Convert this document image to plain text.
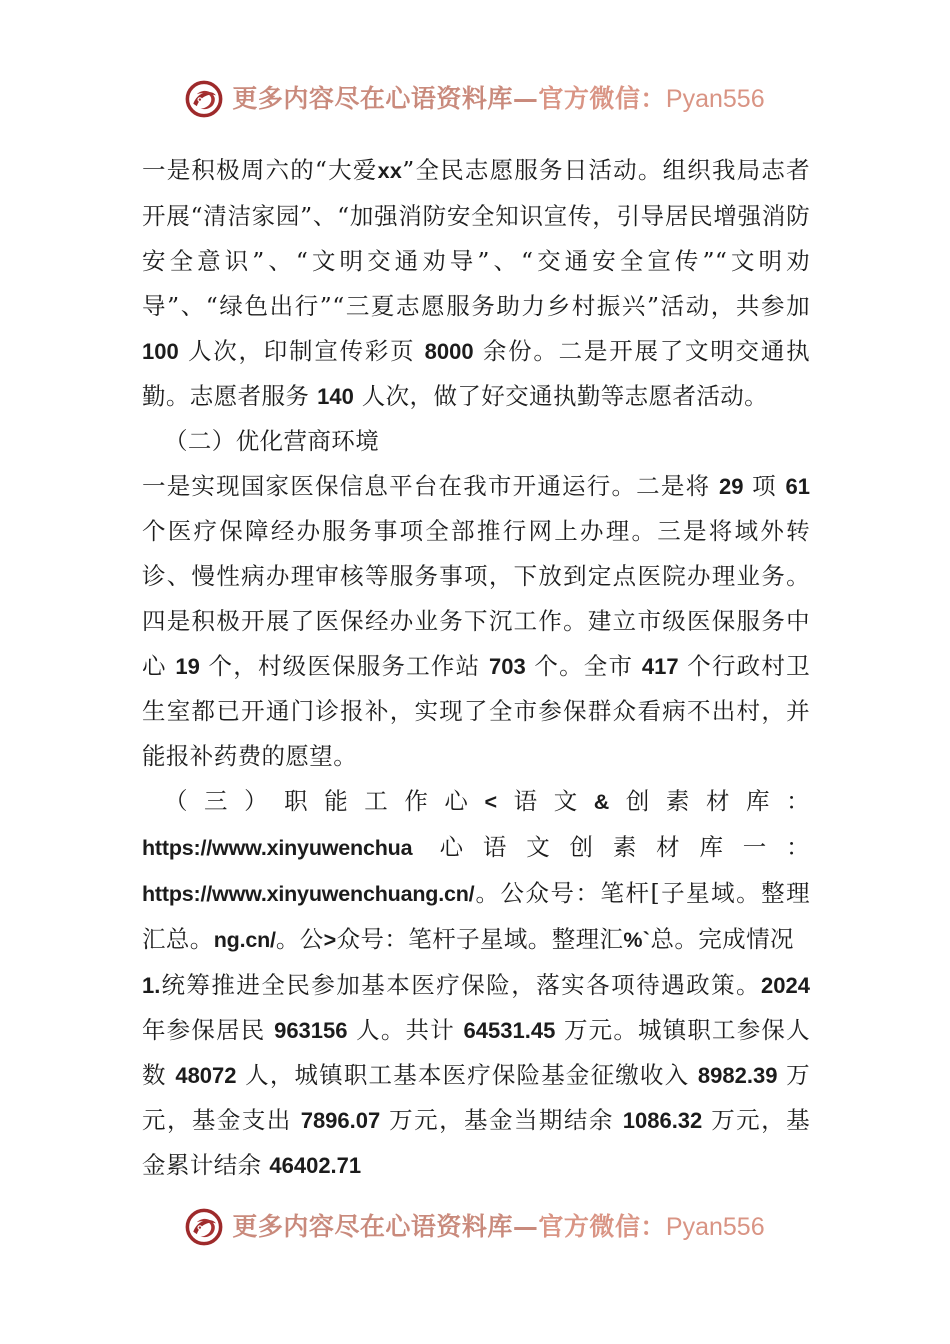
更多内容尽在心语资料库—官方微信：Pyan556
一是积极周六的“大爱xx”全民志愿服务日活动。组织我局志者开展“清洁家园”、“加强消防安全知识宣传，引导居民增强消防安全意识”、“文明交通劝导”、“交通安全宣传”“文明劝导”、“绿色出行”“三夏志愿服务助力乡村振兴”活动，共参加 100 人次，印制宣传彩页 8000 余份。二是开展了文明交通执勤。志愿者服务 140 人次，做了好交通执勤等志愿者活动。
（二）优化营商环境
一是实现国家医保信息平台在我市开通运行。二是将 29 项 61 个医疗保障经办服务事项全部推行网上办理。三是将域外转诊、慢性病办理审核等服务事项，下放到定点医院办理业务。四是积极开展了医保经办业务下沉工作。建立市级医保服务中心 19 个，村级医保服务工作站 703 个。全市 417 个行政村卫生室都已开通门诊报补，实现了全市参保群众看病不出村，并能报补药费的愿望。
（三）职能工作心<语文&创素材库：https://www.xinyuwenchua 心语文创素材库一：https://www.xinyuwenchuang.cn/。公众号：笔杆[子星域。整理汇总。ng.cn/。公>众号：笔杆子星域。整理汇%`总。完成情况
1.统筹推进全民参加基本医疗保险，落实各项待遇政策。2024 年参保居民 963156 人。共计 64531.45 万元。城镇职工参保人数 48072 人，城镇职工基本医疗保险基金征缴收入 8982.39 万元，基金支出 7896.07 万元，基金当期结余 1086.32 万元，基金累计结余 46402.71
更多内容尽在心语资料库—官方微信：Pyan556
